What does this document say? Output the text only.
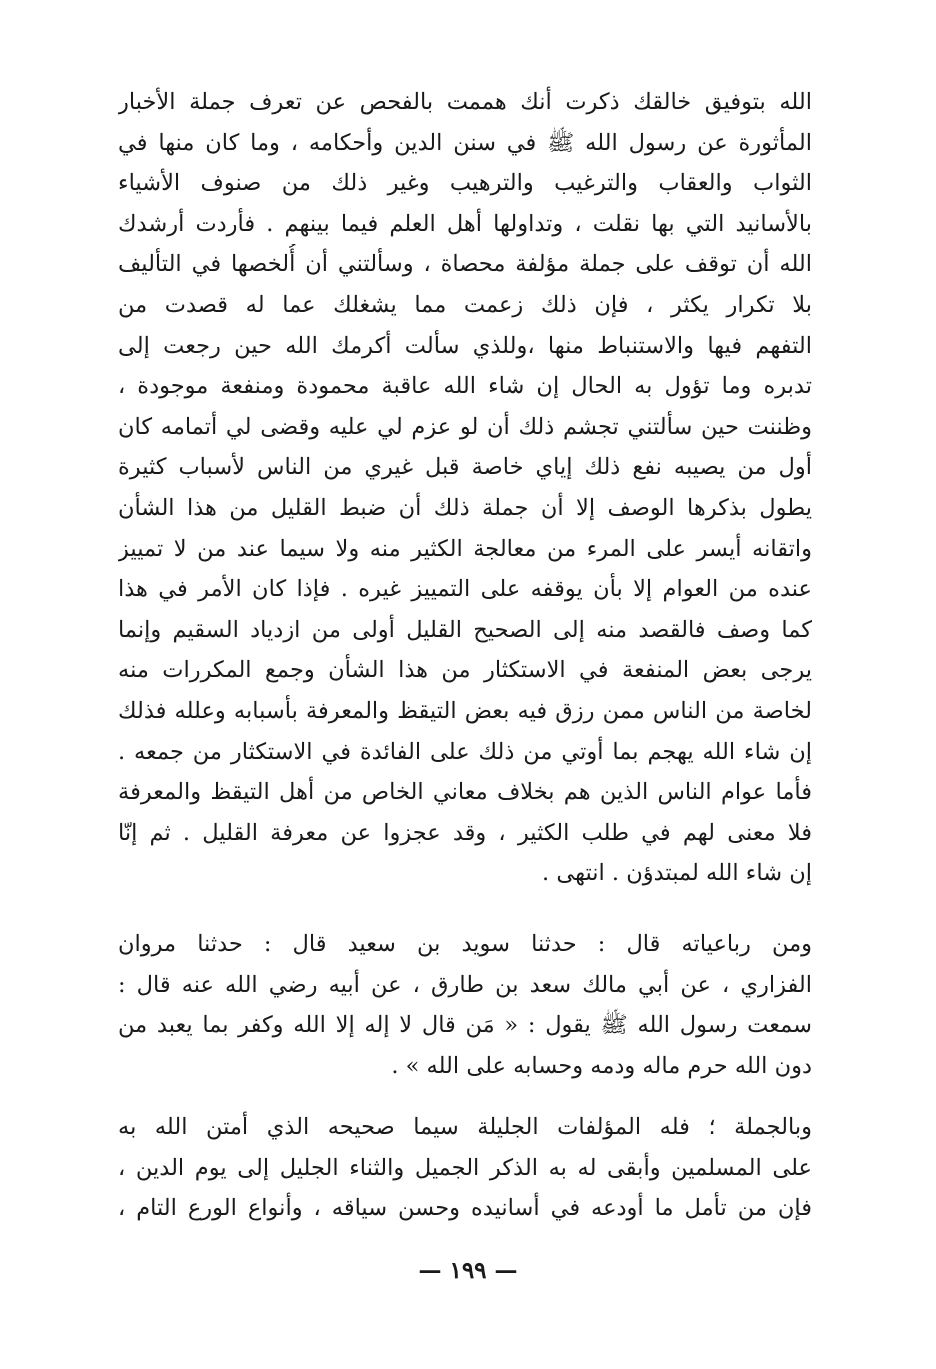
الله بتوفيق خالقك ذكرت أنك هممت بالفحص عن تعرف جملة الأخبار
المأثورة عن رسول الله ﷺ في سنن الدين وأحكامه ، وما كان منها في
الثواب والعقاب والترغيب والترهيب وغير ذلك من صنوف الأشياء
بالأسانيد التي بها نقلت ، وتداولها أهل العلم فيما بينهم . فأردت أرشدك
الله أن توقف على جملة مؤلفة محصاة ، وسألتني أن أُلخصها في التأليف
بلا تكرار يكثر ، فإن ذلك زعمت مما يشغلك عما له قصدت من
التفهم فيها والاستنباط منها ،وللذي سألت أكرمك الله حين رجعت إلى
تدبره وما تؤول به الحال إن شاء الله عاقبة محمودة ومنفعة موجودة ،
وظننت حين سألتني تجشم ذلك أن لو عزم لي عليه وقضى لي أتمامه كان
أول من يصيبه نفع ذلك إياي خاصة قبل غيري من الناس لأسباب كثيرة
يطول بذكرها الوصف إلا أن جملة ذلك أن ضبط القليل من هذا الشأن
واتقانه أيسر على المرء من معالجة الكثير منه ولا سيما عند من لا تمييز
عنده من العوام إلا بأن يوقفه على التمييز غيره . فإذا كان الأمر في هذا
كما وصف فالقصد منه إلى الصحيح القليل أولى من ازدياد السقيم وإنما
يرجى بعض المنفعة في الاستكثار من هذا الشأن وجمع المكررات منه
لخاصة من الناس ممن رزق فيه بعض التيقظ والمعرفة بأسبابه وعلله فذلك
إن شاء الله يهجم بما أوتي من ذلك على الفائدة في الاستكثار من جمعه .
فأما عوام الناس الذين هم بخلاف معاني الخاص من أهل التيقظ والمعرفة
فلا معنى لهم في طلب الكثير ، وقد عجزوا عن معرفة القليل . ثم إنّا
إن شاء الله لمبتدؤن . انتهى .
ومن رباعياته قال : حدثنا سويد بن سعيد قال : حدثنا مروان
الفزاري ، عن أبي مالك سعد بن طارق ، عن أبيه رضي الله عنه قال :
سمعت رسول الله ﷺ يقول : « مَن قال لا إله إلا الله وكفر بما يعبد من
دون الله حرم ماله ودمه وحسابه على الله » .
وبالجملة ؛ فله المؤلفات الجليلة سيما صحيحه الذي أمتن الله به
على المسلمين وأبقى له به الذكر الجميل والثناء الجليل إلى يوم الدين ،
فإن من تأمل ما أودعه في أسانيده وحسن سياقه ، وأنواع الورع التام ،
— ١٩٩ —
